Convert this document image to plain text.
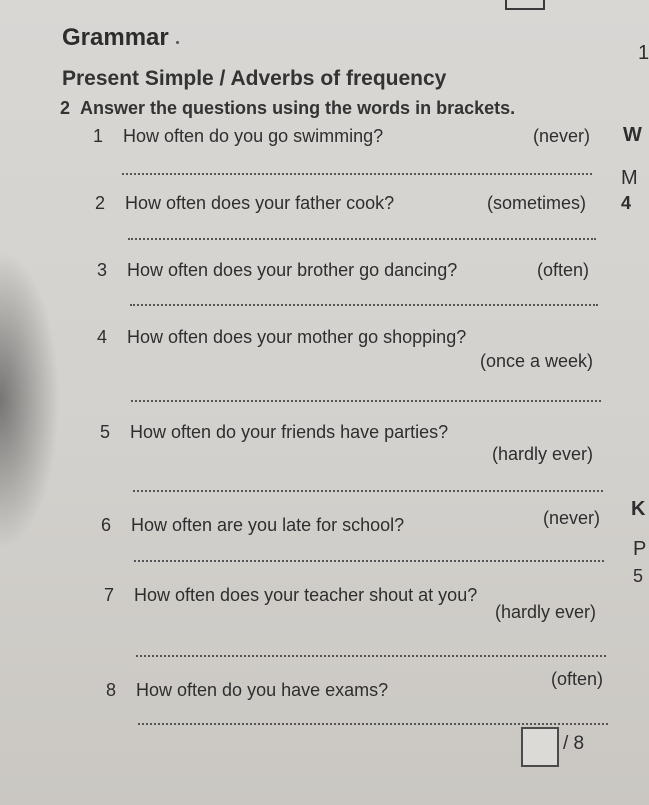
Grammar
Present Simple / Adverbs of frequency
2 Answer the questions using the words in brackets.
1 How often do you go swimming?	(never)
2 How often does your father cook?	(sometimes)
3 How often does your brother go dancing?	(often)
4 How often does your mother go shopping?
(once a week)
5 How often do your friends have parties?
(hardly ever)
6 How often are you late for school?	(never)
7 How often does your teacher shout at you?
(hardly ever)
8 How often do you have exams?
(often)
1
W
M
4
K
P
5
/ 8
